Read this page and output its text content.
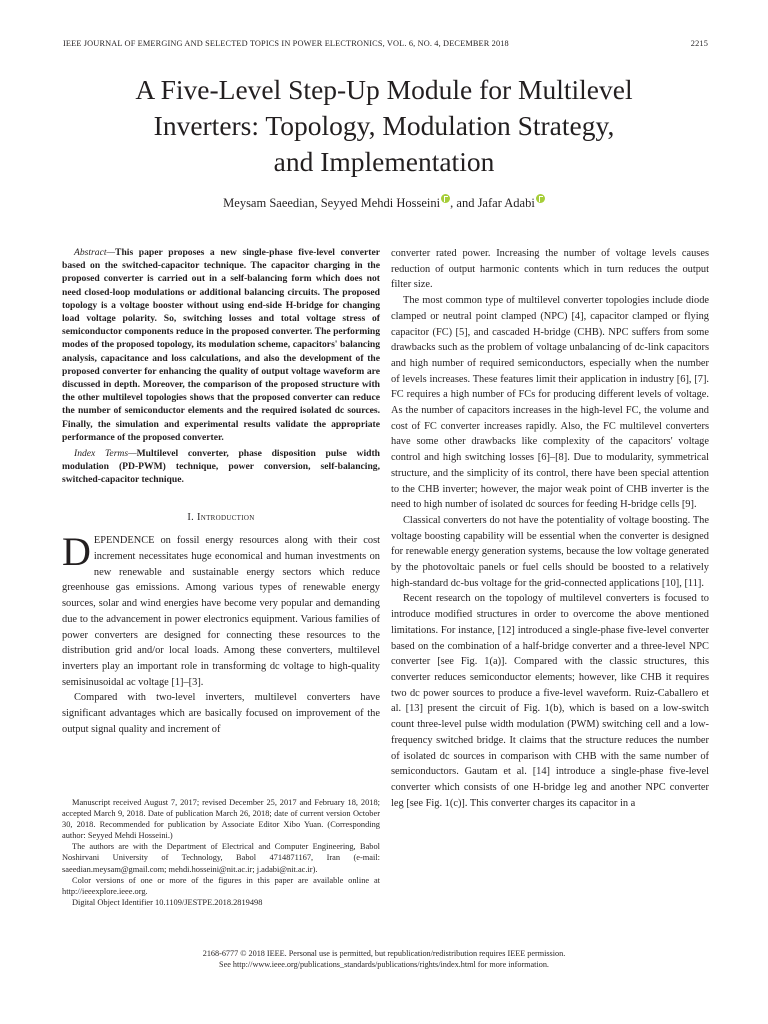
IEEE JOURNAL OF EMERGING AND SELECTED TOPICS IN POWER ELECTRONICS, VOL. 6, NO. 4, DECEMBER 2018	2215
A Five-Level Step-Up Module for Multilevel
Inverters: Topology, Modulation Strategy,
and Implementation
Meysam Saeedian, Seyyed Mehdi Hosseini , and Jafar Adabi

Abstract—This paper proposes a new single-phase five-level converter based on the switched-capacitor technique. The capacitor charging in the proposed converter is carried out in a self-balancing form which does not need closed-loop modulations or additional balancing circuits. The proposed topology is a voltage booster without using end-side H-bridge for changing load voltage polarity. So, switching losses and total voltage stress of semiconductor components reduce in the proposed converter. The performing modes of the proposed topology, its modulation scheme, capacitors' balancing analysis, capacitance and loss calculations, and also the development of the proposed converter for enhancing the quality of output voltage waveform are discussed in depth. Moreover, the comparison of the proposed structure with the other multilevel topologies shows that the proposed converter can reduce the number of semiconductor elements and the required isolated dc sources. Finally, the simulation and experimental results validate the appropriate performance of the proposed converter.

Index Terms—Multilevel converter, phase disposition pulse width modulation (PD-PWM) technique, power conversion, self-balancing, switched-capacitor technique.

I. Introduction

DEPENDENCE on fossil energy resources along with their cost increment necessitates huge economical and human investments on new renewable and sustainable energy sectors which reduce greenhouse gas emissions. Among various types of renewable energy sources, solar and wind energies have become very popular and demanding due to the advancement in power electronics equipment. Various families of power converters are designed for connecting these resources to the distribution grid and/or local loads. Among these converters, multilevel inverters play an important role in transforming dc voltage to high-quality semisinusoidal ac voltage [1]–[3].

Compared with two-level inverters, multilevel converters have significant advantages which are basically focused on improvement of the output signal quality and increment of

Manuscript received August 7, 2017; revised December 25, 2017 and February 18, 2018; accepted March 9, 2018. Date of publication March 26, 2018; date of current version October 30, 2018. Recommended for publication by Associate Editor Xibo Yuan. (Corresponding author: Seyyed Mehdi Hosseini.)

The authors are with the Department of Electrical and Computer Engineering, Babol Noshirvani University of Technology, Babol 4714871167, Iran (e-mail: saeedian.meysam@gmail.com; mehdi.hosseini@nit.ac.ir; j.adabi@nit.ac.ir).

Color versions of one or more of the figures in this paper are available online at http://ieeexplore.ieee.org.

Digital Object Identifier 10.1109/JESTPE.2018.2819498

converter rated power. Increasing the number of voltage levels causes reduction of output harmonic contents which in turn reduces the output filter size.

The most common type of multilevel converter topologies include diode clamped or neutral point clamped (NPC) [4], capacitor clamped or flying capacitor (FC) [5], and cascaded H-bridge (CHB). NPC suffers from some drawbacks such as the problem of voltage unbalancing of dc-link capacitors and high number of required semiconductors, especially when the number of levels increases. These features limit their application in industry [6], [7]. FC requires a high number of FCs for producing different levels of voltage. As the number of capacitors increases in the high-level FC, the volume and cost of FC converter increases rapidly. Also, the FC multilevel converters have some other drawbacks like complexity of the capacitors' voltage control and high switching losses [6]–[8]. Due to modularity, symmetrical structure, and the simplicity of its control, there have been special attention to the CHB inverter; however, the major weak point of CHB inverter is the need to high number of isolated dc sources for feeding H-bridge cells [9].

Classical converters do not have the potentiality of voltage boosting. The voltage boosting capability will be essential when the converter is designed for renewable energy generation systems, because the low voltage generated by the photovoltaic panels or fuel cells should be boosted to a relatively high-standard dc-bus voltage for the grid-connected applications [10], [11].

Recent research on the topology of multilevel converters is focused to introduce modified structures in order to overcome the above mentioned limitations. For instance, [12] introduced a single-phase five-level converter based on the combination of a half-bridge converter and a three-level NPC converter [see Fig. 1(a)]. Compared with the classic structures, this converter reduces semiconductor elements; however, like CHB it requires two dc power sources to produce a five-level waveform. Ruiz-Caballero et al. [13] present the circuit of Fig. 1(b), which is based on a low-switch count three-level pulse width modulation (PWM) switching cell and a low-frequency switched bridge. It claims that the structure reduces the number of isolated dc sources in comparison with CHB with the same number of semiconductors. Gautam et al. [14] introduce a single-phase five-level converter which consists of one H-bridge leg and another NPC converter leg [see Fig. 1(c)]. This converter charges its capacitor in a

2168-6777 © 2018 IEEE. Personal use is permitted, but republication/redistribution requires IEEE permission.
See http://www.ieee.org/publications_standards/publications/rights/index.html for more information.
